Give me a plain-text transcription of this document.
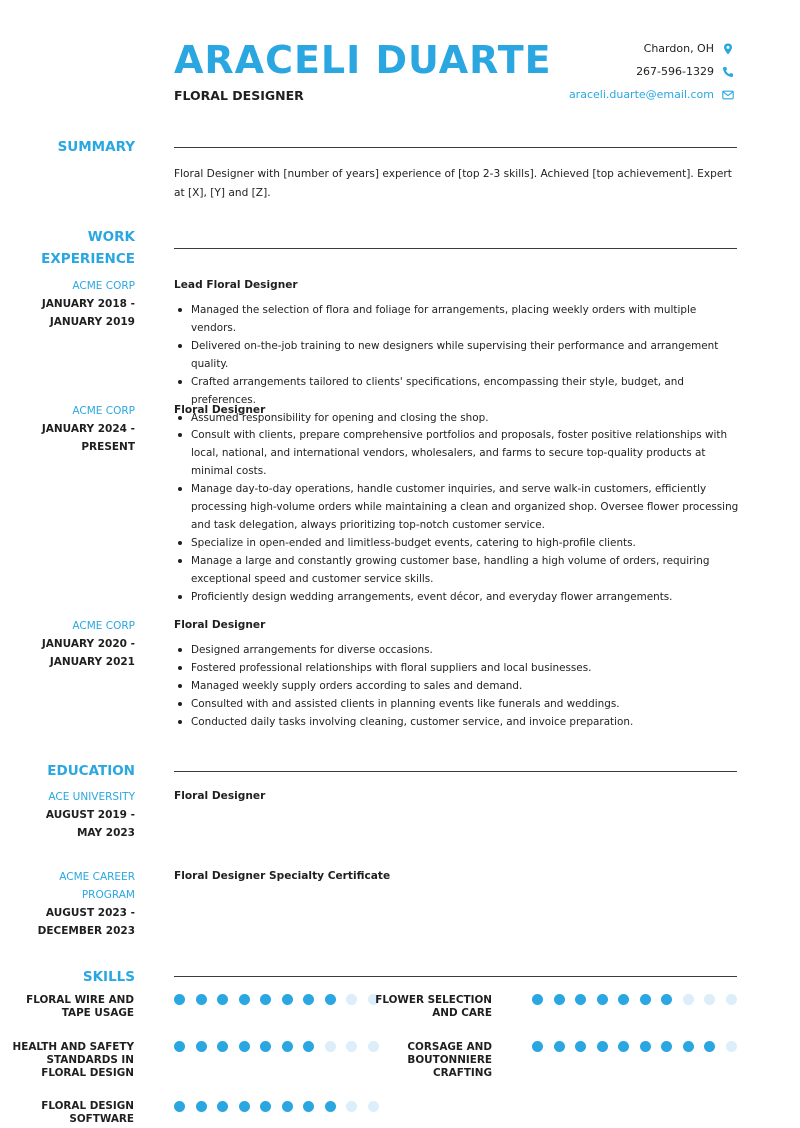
ARACELI DUARTE
FLORAL DESIGNER
Chardon, OH
267-596-1329
araceli.duarte@email.com
SUMMARY
Floral Designer with [number of years] experience of [top 2-3 skills]. Achieved [top achievement]. Expert at [X], [Y] and [Z].
WORK
EXPERIENCE
ACME CORP
JANUARY 2018 -
JANUARY 2019
Lead Floral Designer
Managed the selection of flora and foliage for arrangements, placing weekly orders with multiple vendors.
Delivered on-the-job training to new designers while supervising their performance and arrangement quality.
Crafted arrangements tailored to clients' specifications, encompassing their style, budget, and preferences.
Assumed responsibility for opening and closing the shop.
ACME CORP
JANUARY 2024 -
PRESENT
Floral Designer
Consult with clients, prepare comprehensive portfolios and proposals, foster positive relationships with local, national, and international vendors, wholesalers, and farms to secure top-quality products at minimal costs.
Manage day-to-day operations, handle customer inquiries, and serve walk-in customers, efficiently processing high-volume orders while maintaining a clean and organized shop. Oversee flower processing and task delegation, always prioritizing top-notch customer service.
Specialize in open-ended and limitless-budget events, catering to high-profile clients.
Manage a large and constantly growing customer base, handling a high volume of orders, requiring exceptional speed and customer service skills.
Proficiently design wedding arrangements, event décor, and everyday flower arrangements.
ACME CORP
JANUARY 2020 -
JANUARY 2021
Floral Designer
Designed arrangements for diverse occasions.
Fostered professional relationships with floral suppliers and local businesses.
Managed weekly supply orders according to sales and demand.
Consulted with and assisted clients in planning events like funerals and weddings.
Conducted daily tasks involving cleaning, customer service, and invoice preparation.
EDUCATION
ACE UNIVERSITY
AUGUST 2019 -
MAY 2023
Floral Designer
ACME CAREER
PROGRAM
AUGUST 2023 -
DECEMBER 2023
Floral Designer Specialty Certificate
SKILLS
FLORAL WIRE AND
TAPE USAGE
FLOWER SELECTION
AND CARE
HEALTH AND SAFETY
STANDARDS IN
FLORAL DESIGN
CORSAGE AND
BOUTONNIERE
CRAFTING
FLORAL DESIGN
SOFTWARE
